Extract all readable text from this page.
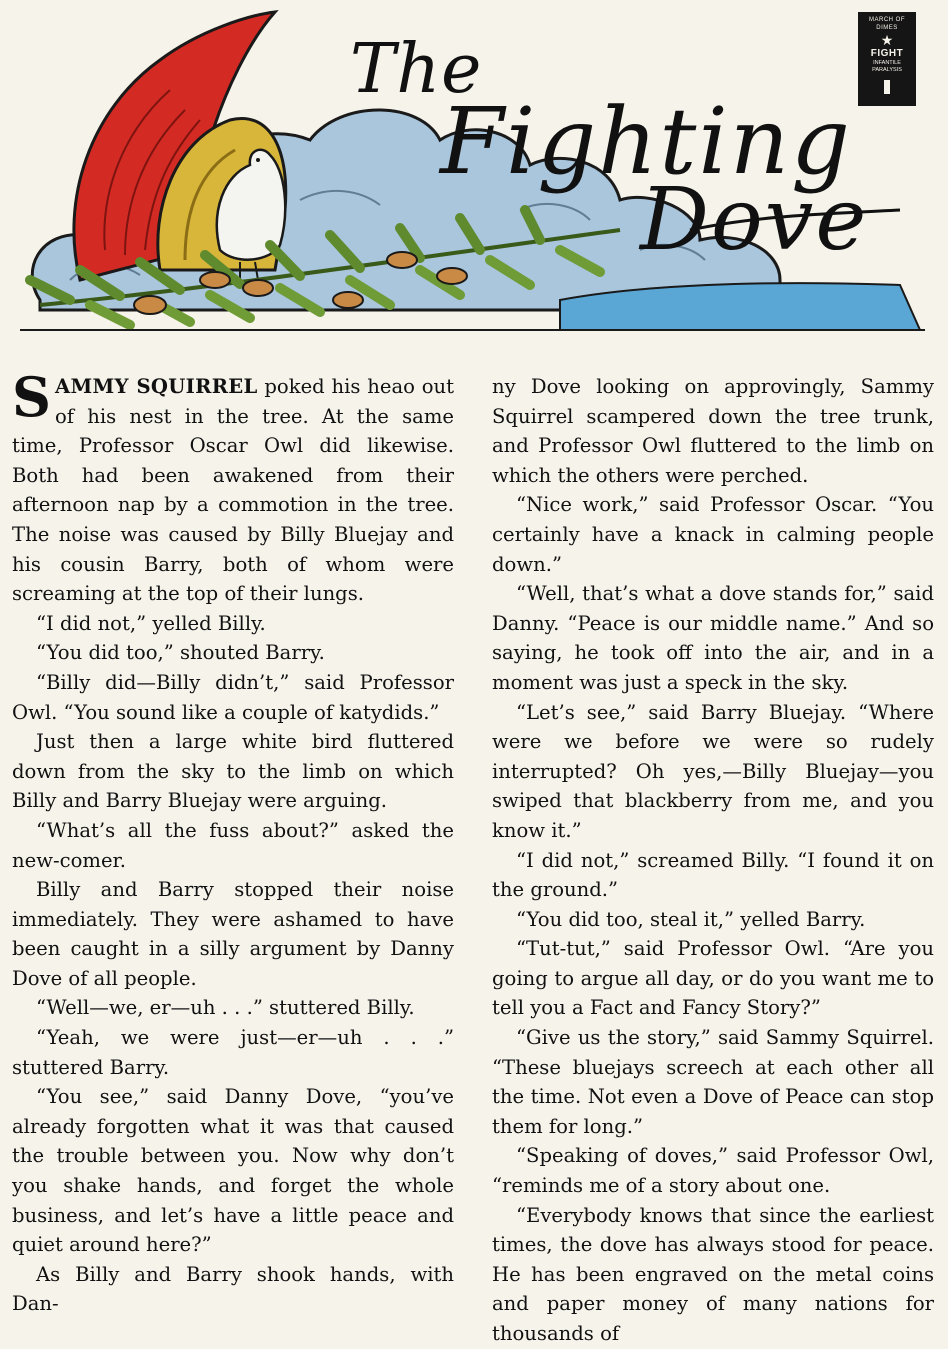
The
Fighting
Dove
MARCH OF DIMES
★
FIGHT
INFANTILE
PARALYSIS

SAMMY SQUIRREL poked his heao out of his nest in the tree. At the same time, Professor Oscar Owl did likewise. Both had been awakened from their afternoon nap by a commotion in the tree. The noise was caused by Billy Bluejay and his cousin Barry, both of whom were screaming at the top of their lungs.

“I did not,” yelled Billy.

“You did too,” shouted Barry.

“Billy did—Billy didn’t,” said Professor Owl. “You sound like a couple of katydids.”

Just then a large white bird fluttered down from the sky to the limb on which Billy and Barry Bluejay were arguing.

“What’s all the fuss about?” asked the new-comer.

Billy and Barry stopped their noise immediately. They were ashamed to have been caught in a silly argument by Danny Dove of all people.

“Well—we, er—uh . . .” stuttered Billy.

“Yeah, we were just—er—uh . . .” stuttered Barry.

“You see,” said Danny Dove, “you’ve already forgotten what it was that caused the trouble between you. Now why don’t you shake hands, and forget the whole business, and let’s have a little peace and quiet around here?”

As Billy and Barry shook hands, with Dan-

ny Dove looking on approvingly, Sammy Squirrel scampered down the tree trunk, and Professor Owl fluttered to the limb on which the others were perched.

“Nice work,” said Professor Oscar. “You certainly have a knack in calming people down.”

“Well, that’s what a dove stands for,” said Danny. “Peace is our middle name.” And so saying, he took off into the air, and in a moment was just a speck in the sky.

“Let’s see,” said Barry Bluejay. “Where were we before we were so rudely interrupted? Oh yes,—Billy Bluejay—you swiped that blackberry from me, and you know it.”

“I did not,” screamed Billy. “I found it on the ground.”

“You did too, steal it,” yelled Barry.

“Tut-tut,” said Professor Owl. “Are you going to argue all day, or do you want me to tell you a Fact and Fancy Story?”

“Give us the story,” said Sammy Squirrel. “These bluejays screech at each other all the time. Not even a Dove of Peace can stop them for long.”

“Speaking of doves,” said Professor Owl, “reminds me of a story about one.

“Everybody knows that since the earliest times, the dove has always stood for peace. He has been engraved on the metal coins and paper money of many nations for thousands of
